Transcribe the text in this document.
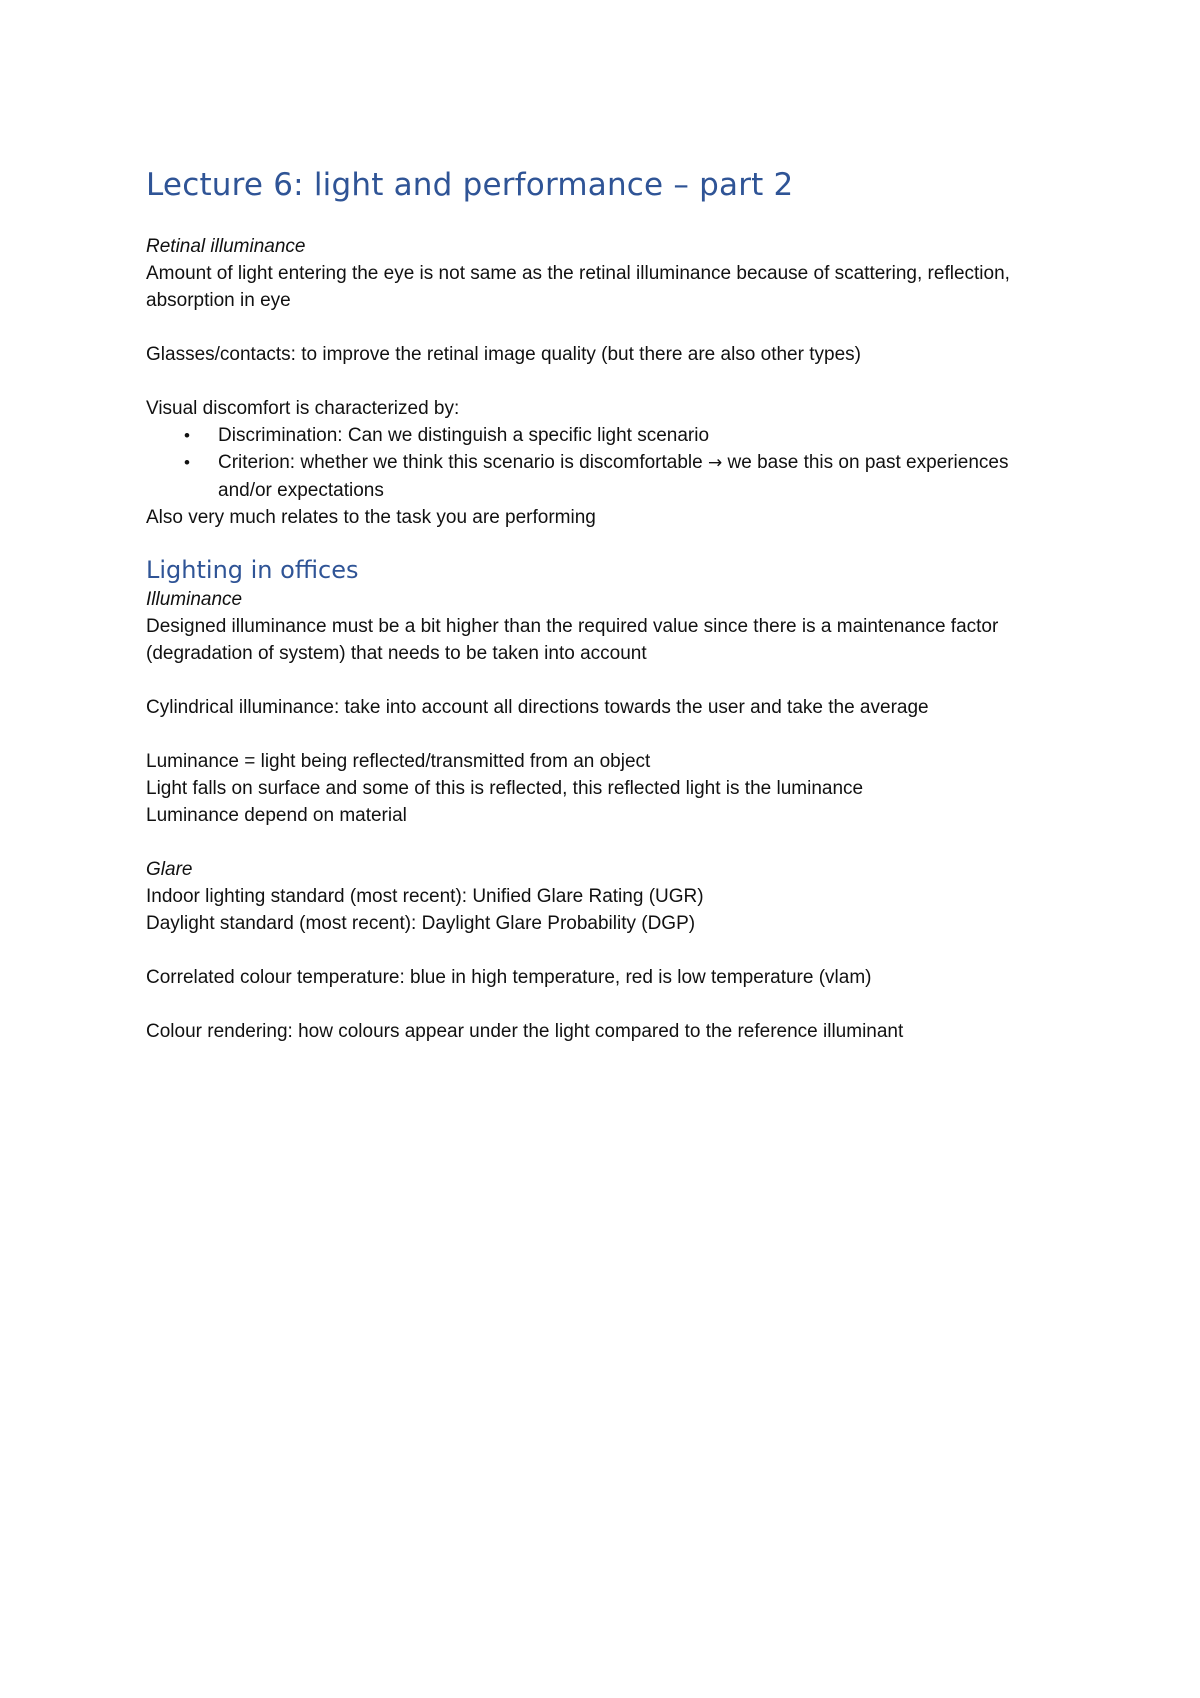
Lecture 6: light and performance – part 2

Retinal illuminance

Amount of light entering the eye is not same as the retinal illuminance because of scattering, reflection, absorption in eye

Glasses/contacts: to improve the retinal image quality (but there are also other types)

Visual discomfort is characterized by:

• Discrimination: Can we distinguish a specific light scenario
• Criterion: whether we think this scenario is discomfortable → we base this on past experiences and/or expectations

Also very much relates to the task you are performing

Lighting in offices

Illuminance

Designed illuminance must be a bit higher than the required value since there is a maintenance factor (degradation of system) that needs to be taken into account

Cylindrical illuminance: take into account all directions towards the user and take the average

Luminance = light being reflected/transmitted from an object

Light falls on surface and some of this is reflected, this reflected light is the luminance

Luminance depend on material

Glare

Indoor lighting standard (most recent): Unified Glare Rating (UGR)

Daylight standard (most recent): Daylight Glare Probability (DGP)

Correlated colour temperature: blue in high temperature, red is low temperature (vlam)

Colour rendering: how colours appear under the light compared to the reference illuminant
